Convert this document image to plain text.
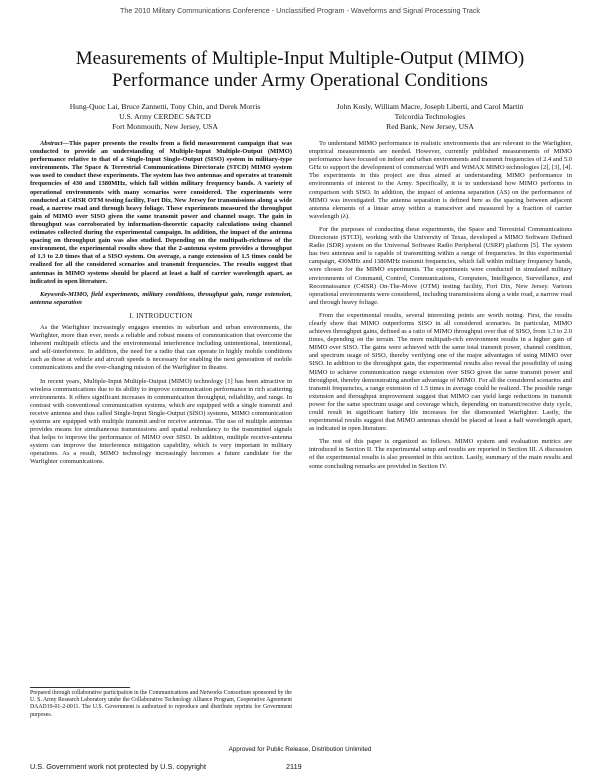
The 2010 Military Communications Conference - Unclassified Program - Waveforms and Signal Processing Track
Measurements of Multiple-Input Multiple-Output (MIMO)
Performance under Army Operational Conditions
Hung-Quoc Lai, Bruce Zannetti, Tony Chin, and Derek Morris
U.S. Army CERDEC S&TCD
Fort Monmouth, New Jersey, USA
John Kosly, William Macre, Joseph Liberti, and Carol Martin
Telcordia Technologies
Red Bank, New Jersey, USA

Abstract—This paper presents the results from a field measurement campaign that was conducted to provide an understanding of Multiple-Input Multiple-Output (MIMO) performance relative to that of a Single-Input Single-Output (SISO) system in military-type environments. The Space & Terrestrial Communications Directorate (STCD) MIMO system was used to conduct these experiments. The system has two antennas and operates at transmit frequencies of 430 and 1380MHz, which fall within military frequency bands. A variety of operational environments with many scenarios were considered. The experiments were conducted at C4ISR OTM testing facility, Fort Dix, New Jersey for transmissions along a wide road, a narrow road and through heavy foliage. These experiments measured the throughput gain of MIMO over SISO given the same transmit power and channel usage. The gain in throughput was corroborated by information-theoretic capacity calculations using channel estimates collected during the experimental campaign. In addition, the impact of the antenna spacing on throughput gain was also studied. Depending on the multipath-richness of the environment, the experimental results show that the 2-antenna system provides a throughput of 1.3 to 2.0 times that of a SISO system. On average, a range extension of 1.5 times could be realized for all the considered scenarios and transmit frequencies. The results suggest that antennas in MIMO systems should be placed at least a half of carrier wavelength apart, as indicated in open literature.

Keywords-MIMO, field experiments, military conditions, throughput gain, range extension, antenna separation

I. INTRODUCTION

As the Warfighter increasingly engages enemies in suburban and urban environments, the Warfighter, more than ever, needs a reliable and robust means of communication that overcome the inherent multipath effects and the environmental interference including unintentional, intentional, and self-interference. In addition, the need for a radio that can operate in highly mobile conditions such as those at vehicle and aircraft speeds is necessary for enabling the next generation of mobile communications and the ever-changing mission of the Warfighter in theatre.

In recent years, Multiple-Input Multiple-Output (MIMO) technology [1] has been attractive in wireless communications due to its ability to improve communication performance in rich scattering environments. It offers significant increases in communication throughput, reliability, and range. In contrast with conventional communication systems, which are equipped with a single transmit and receive antenna and thus called Single-Input Single-Output (SISO) systems, MIMO communication systems are equipped with multiple transmit and/or receive antennas. The use of multiple antennas provides means for simultaneous transmissions and spatial redundancy to the transmitted signals that helps to improve the performance of MIMO over SISO. In addition, multiple receive-antenna system can improve the interference mitigation capability, which is very important in military operations. As a result, MIMO technology increasingly becomes a future candidate for the Warfighter communications.

Prepared through collaborative participation in the Communications and Networks Consortium sponsored by the U. S. Army Research Laboratory under the Collaborative Technology Alliance Program, Cooperative Agreement DAAD19-01-2-0011. The U.S. Government is authorized to reproduce and distribute reprints for Government purposes.

To understand MIMO performance in realistic environments that are relevant to the Warfighter, empirical measurements are needed. However, currently published measurements of MIMO performance have focused on indoor and urban environments and transmit frequencies of 2.4 and 5.0 GHz to support the development of commercial WiFi and WiMAX MIMO technologies [2], [3], [4]. The experiments in this project are thus aimed at understanding MIMO performance in environments of interest to the Army. Specifically, it is to understand how MIMO performs in comparison with SISO. In addition, the impact of antenna separation (AS) on the performance of MIMO was investigated. The antenna separation is defined here as the spacing between adjacent antenna elements of a linear array within a transceiver and measured by a fraction of carrier wavelength (λ).

For the purposes of conducting these experiments, the Space and Terrestrial Communications Directorate (STCD), working with the University of Texas, developed a MIMO Software Defined Radio (SDR) system on the Universal Software Radio Peripheral (USRP) platform [5]. The system has two antennas and is capable of transmitting within a range of frequencies. In this experimental campaign, 430MHz and 1380MHz transmit frequencies, which fall within military frequency bands, were chosen for the MIMO experiments. The experiments were conducted in simulated military environments of Command, Control, Communications, Computers, Intelligence, Surveillance, and Reconnaissance (C4ISR) On-The-Move (OTM) testing facility, Fort Dix, New Jersey. Various operational environments were considered, including transmissions along a wide road, a narrow road and through heavy foliage.

From the experimental results, several interesting points are worth noting. First, the results clearly show that MIMO outperforms SISO in all considered scenarios. In particular, MIMO achieves throughput gains, defined as a ratio of MIMO throughput over that of SISO, from 1.3 to 2.0 times, depending on the terrain. The more multipath-rich environment results in a higher gain of MIMO over SISO. The gains were achieved with the same total transmit power, channel condition, and spectrum usage of SISO, thereby verifying one of the major advantages of using MIMO over SISO. In addition to the throughput gain, the experimental results also reveal the possibility of using MIMO to achieve communication range extension over SISO given the same transmit power and throughput, thereby demonstrating another advantage of MIMO. For all the considered scenarios and transmit frequencies, a range extension of 1.5 times in average could be realized. The possible range extension and throughput improvement suggest that MIMO can yield large reductions in transmit power for the same spectrum usage and coverage which, depending on transmit/receive duty cycle, could result in significant battery life increases for the dismounted Warfighter. Lastly, the experimental results suggest that MIMO antennas should be placed at least a half wavelength apart, as indicated in open literature.

The rest of this paper is organized as follows. MIMO system and evaluation metrics are introduced in Section II. The experimental setup and results are reported in Section III. A discussion of the experimental results is also presented in this section. Lastly, summary of the main results and some concluding remarks are provided in Section IV.

Approved for Public Release, Distribution Unlimited
U.S. Government work not protected by U.S. copyright	2119
